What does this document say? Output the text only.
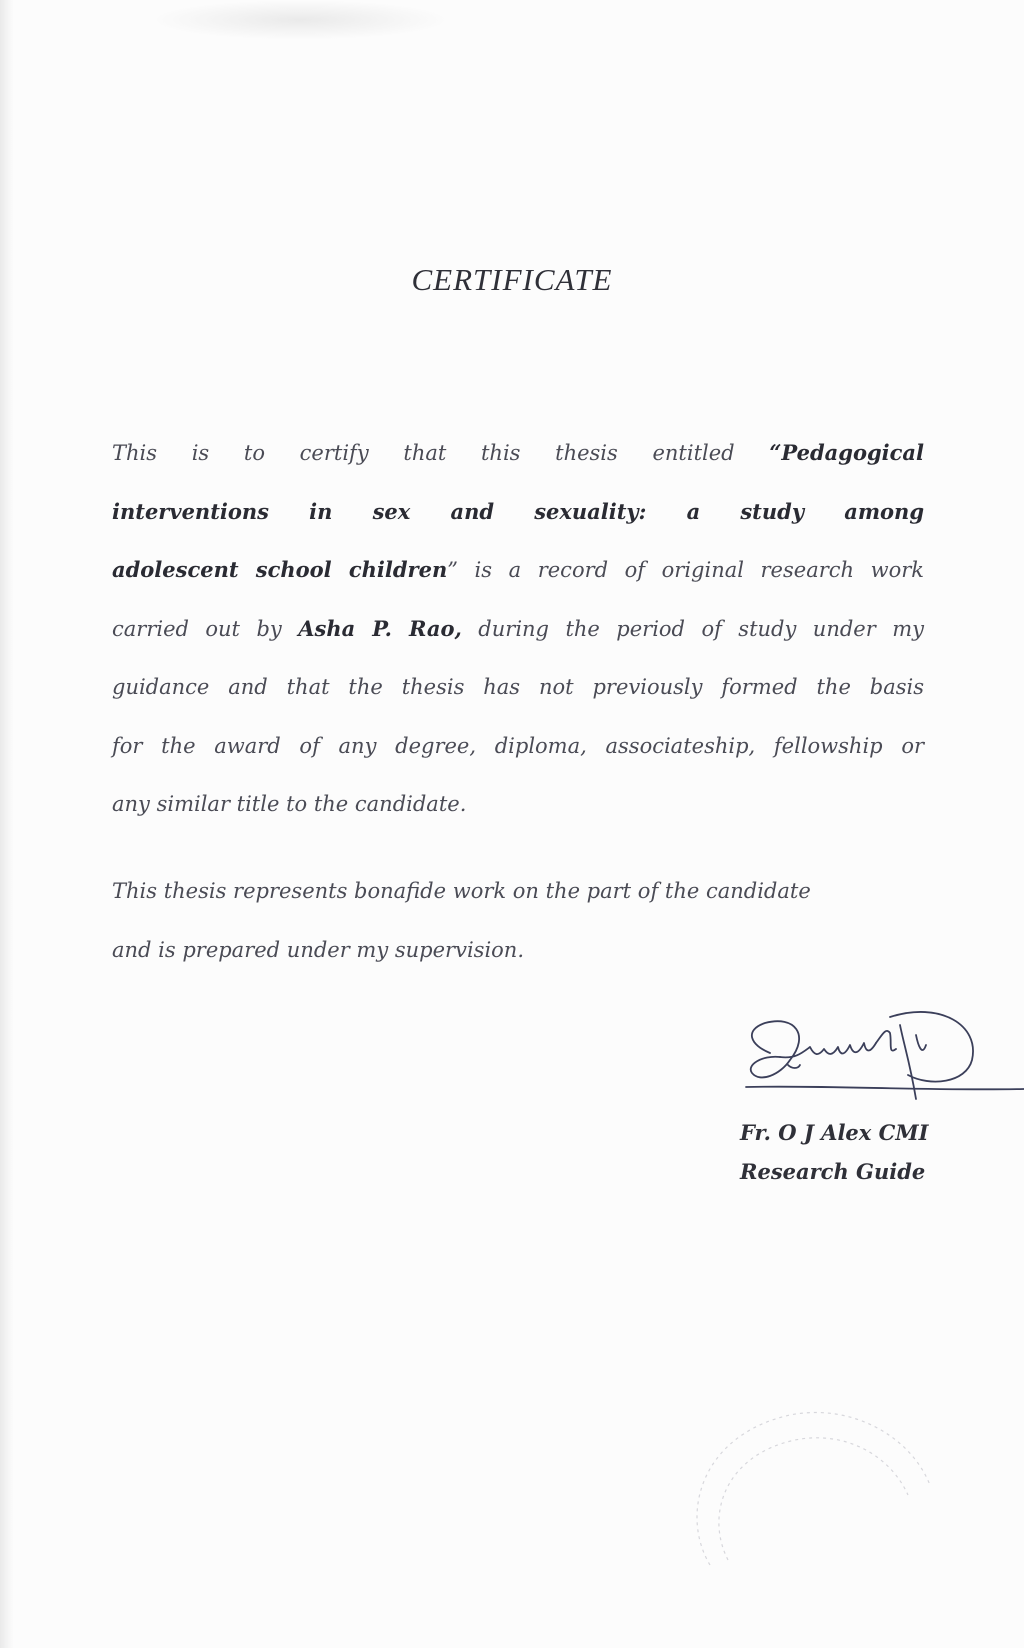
CERTIFICATE
This is to certify that this thesis entitled “Pedagogical
interventions in sex and sexuality: a study among
adolescent school children” is a record of original research work
carried out by Asha P. Rao, during the period of study under my
guidance and that the thesis has not previously formed the basis
for the award of any degree, diploma, associateship, fellowship or
any similar title to the candidate.
This thesis represents bonafide work on the part of the candidate
and is prepared under my supervision.
Fr. O J Alex CMI
Research Guide
